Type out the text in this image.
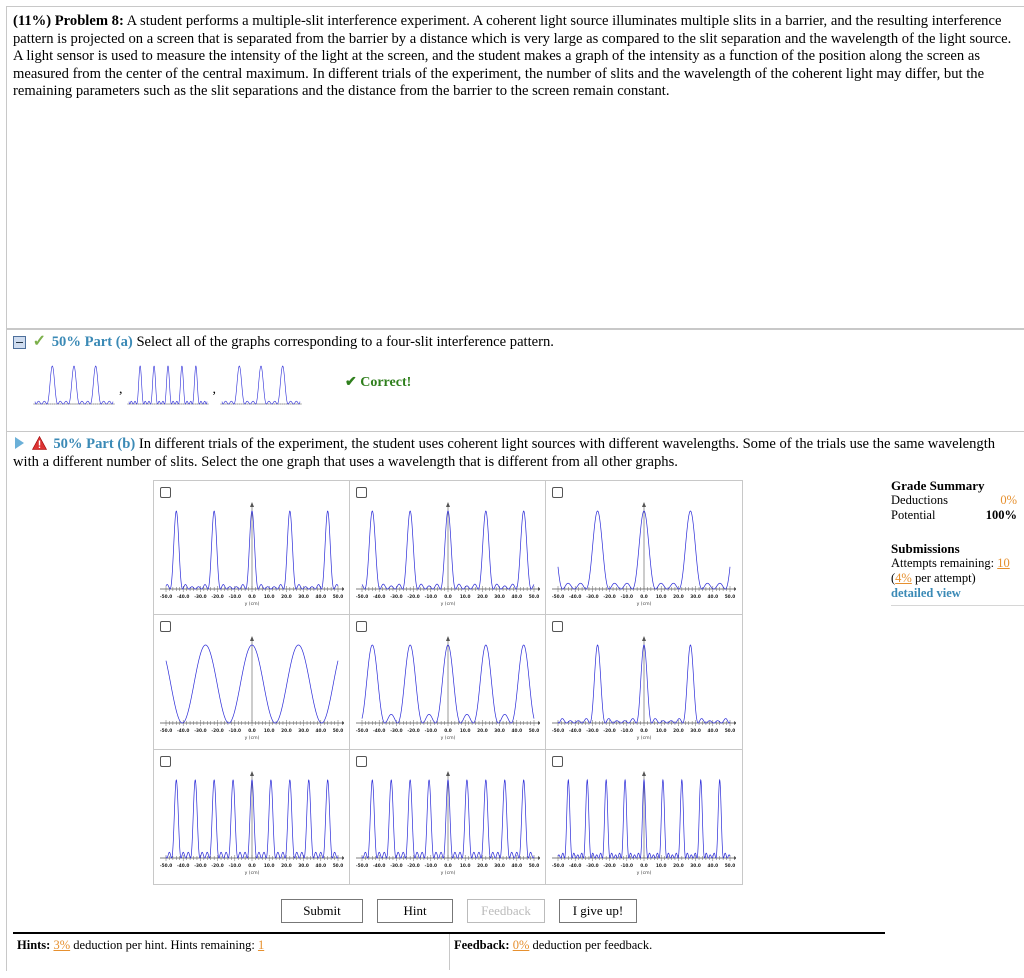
(11%) Problem 8: A student performs a multiple-slit interference experiment. A coherent light source illuminates multiple slits in a barrier, and the resulting interference pattern is projected on a screen that is separated from the barrier by a distance which is very large as compared to the slit separation and the wavelength of the light source. A light sensor is used to measure the intensity of the light at the screen, and the student makes a graph of the intensity as a function of the position along the screen as measured from the center of the central maximum. In different trials of the experiment, the number of slits and the wavelength of the coherent light may differ, but the remaining parameters such as the slit separations and the distance from the barrier to the screen remain constant.

✓ 50% Part (a) Select all of the graphs corresponding to a four-slit interference pattern.
,	,	✔ Correct!
50% Part (b) In different trials of the experiment, the student uses coherent light sources with different wavelengths. Some of the trials use the same wavelength with a different number of slits. Select the one graph that uses a wavelength that is different from all other graphs.
-50.0 -40.0 -30.0 -20.0 -10.0 0.0 10.0 20.0 30.0 40.0 50.0
y (cm)
-50.0 -40.0 -30.0 -20.0 -10.0 0.0 10.0 20.0 30.0 40.0 50.0
y (cm)
-50.0 -40.0 -30.0 -20.0 -10.0 0.0 10.0 20.0 30.0 40.0 50.0
y (cm)
-50.0 -40.0 -30.0 -20.0 -10.0 0.0 10.0 20.0 30.0 40.0 50.0
y (cm)
-50.0 -40.0 -30.0 -20.0 -10.0 0.0 10.0 20.0 30.0 40.0 50.0
y (cm)
-50.0 -40.0 -30.0 -20.0 -10.0 0.0 10.0 20.0 30.0 40.0 50.0
y (cm)
-50.0 -40.0 -30.0 -20.0 -10.0 0.0 10.0 20.0 30.0 40.0 50.0
y (cm)
-50.0 -40.0 -30.0 -20.0 -10.0 0.0 10.0 20.0 30.0 40.0 50.0
y (cm)
-50.0 -40.0 -30.0 -20.0 -10.0 0.0 10.0 20.0 30.0 40.0 50.0
y (cm)
Grade Summary
Deductions	0%
Potential	100%
Submissions
Attempts remaining: 10
(4% per attempt)
detailed view
Submit	Hint	Feedback	I give up!
Hints: 3% deduction per hint. Hints remaining: 1	Feedback: 0% deduction per feedback.
